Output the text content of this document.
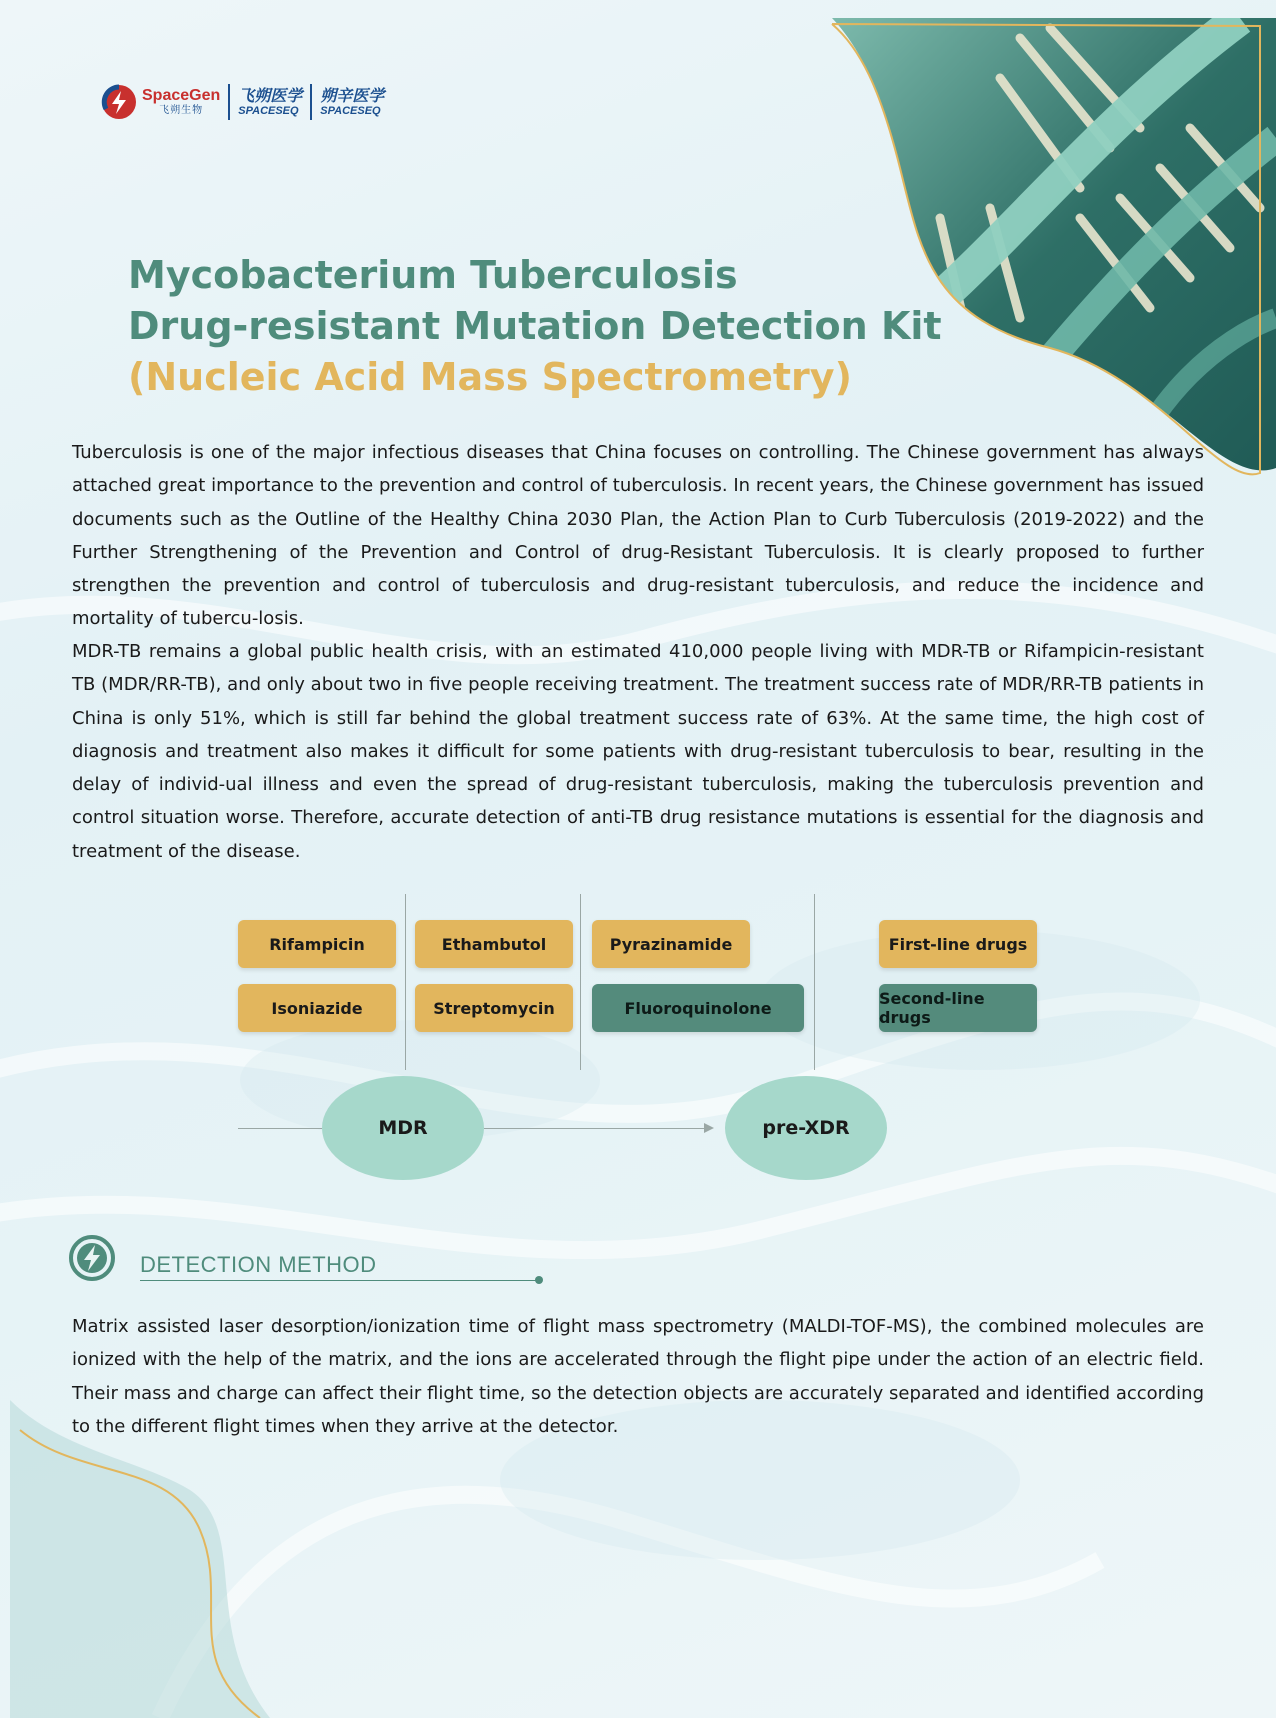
SpaceGen
飞朔生物
飞朔医学
SPACESEQ
朔辛医学
SPACESEQ
Mycobacterium Tuberculosis
Drug-resistant Mutation Detection Kit
(Nucleic Acid Mass Spectrometry)

Tuberculosis is one of the major infectious diseases that China focuses on controlling. The Chinese government has always attached great importance to the prevention and control of tuberculosis. In recent years, the Chinese government has issued documents such as the Outline of the Healthy China 2030 Plan, the Action Plan to Curb Tuberculosis (2019-2022) and the Further Strengthening of the Prevention and Control of drug-Resistant Tuberculosis. It is clearly proposed to further strengthen the prevention and control of tuberculosis and drug-resistant tuberculosis, and reduce the incidence and mortality of tubercu-losis.

MDR-TB remains a global public health crisis, with an estimated 410,000 people living with MDR-TB or Rifampicin-resistant TB (MDR/RR-TB), and only about two in five people receiving treatment. The treatment success rate of MDR/RR-TB patients in China is only 51%, which is still far behind the global treatment success rate of 63%. At the same time, the high cost of diagnosis and treatment also makes it difficult for some patients with drug-resistant tuberculosis to bear, resulting in the delay of individ-ual illness and even the spread of drug-resistant tuberculosis, making the tuberculosis prevention and control situation worse. Therefore, accurate detection of anti-TB drug resistance mutations is essential for the diagnosis and treatment of the disease.

Rifampicin
Isoniazide
Ethambutol
Streptomycin
Pyrazinamide
Fluoroquinolone
First-line drugs
Second-line drugs
MDR	pre-XDR
DETECTION METHOD

Matrix assisted laser desorption/ionization time of flight mass spectrometry (MALDI-TOF-MS), the combined molecules are ionized with the help of the matrix, and the ions are accelerated through the flight pipe under the action of an electric field. Their mass and charge can affect their flight time, so the detection objects are accurately separated and identified according to the different flight times when they arrive at the detector.
